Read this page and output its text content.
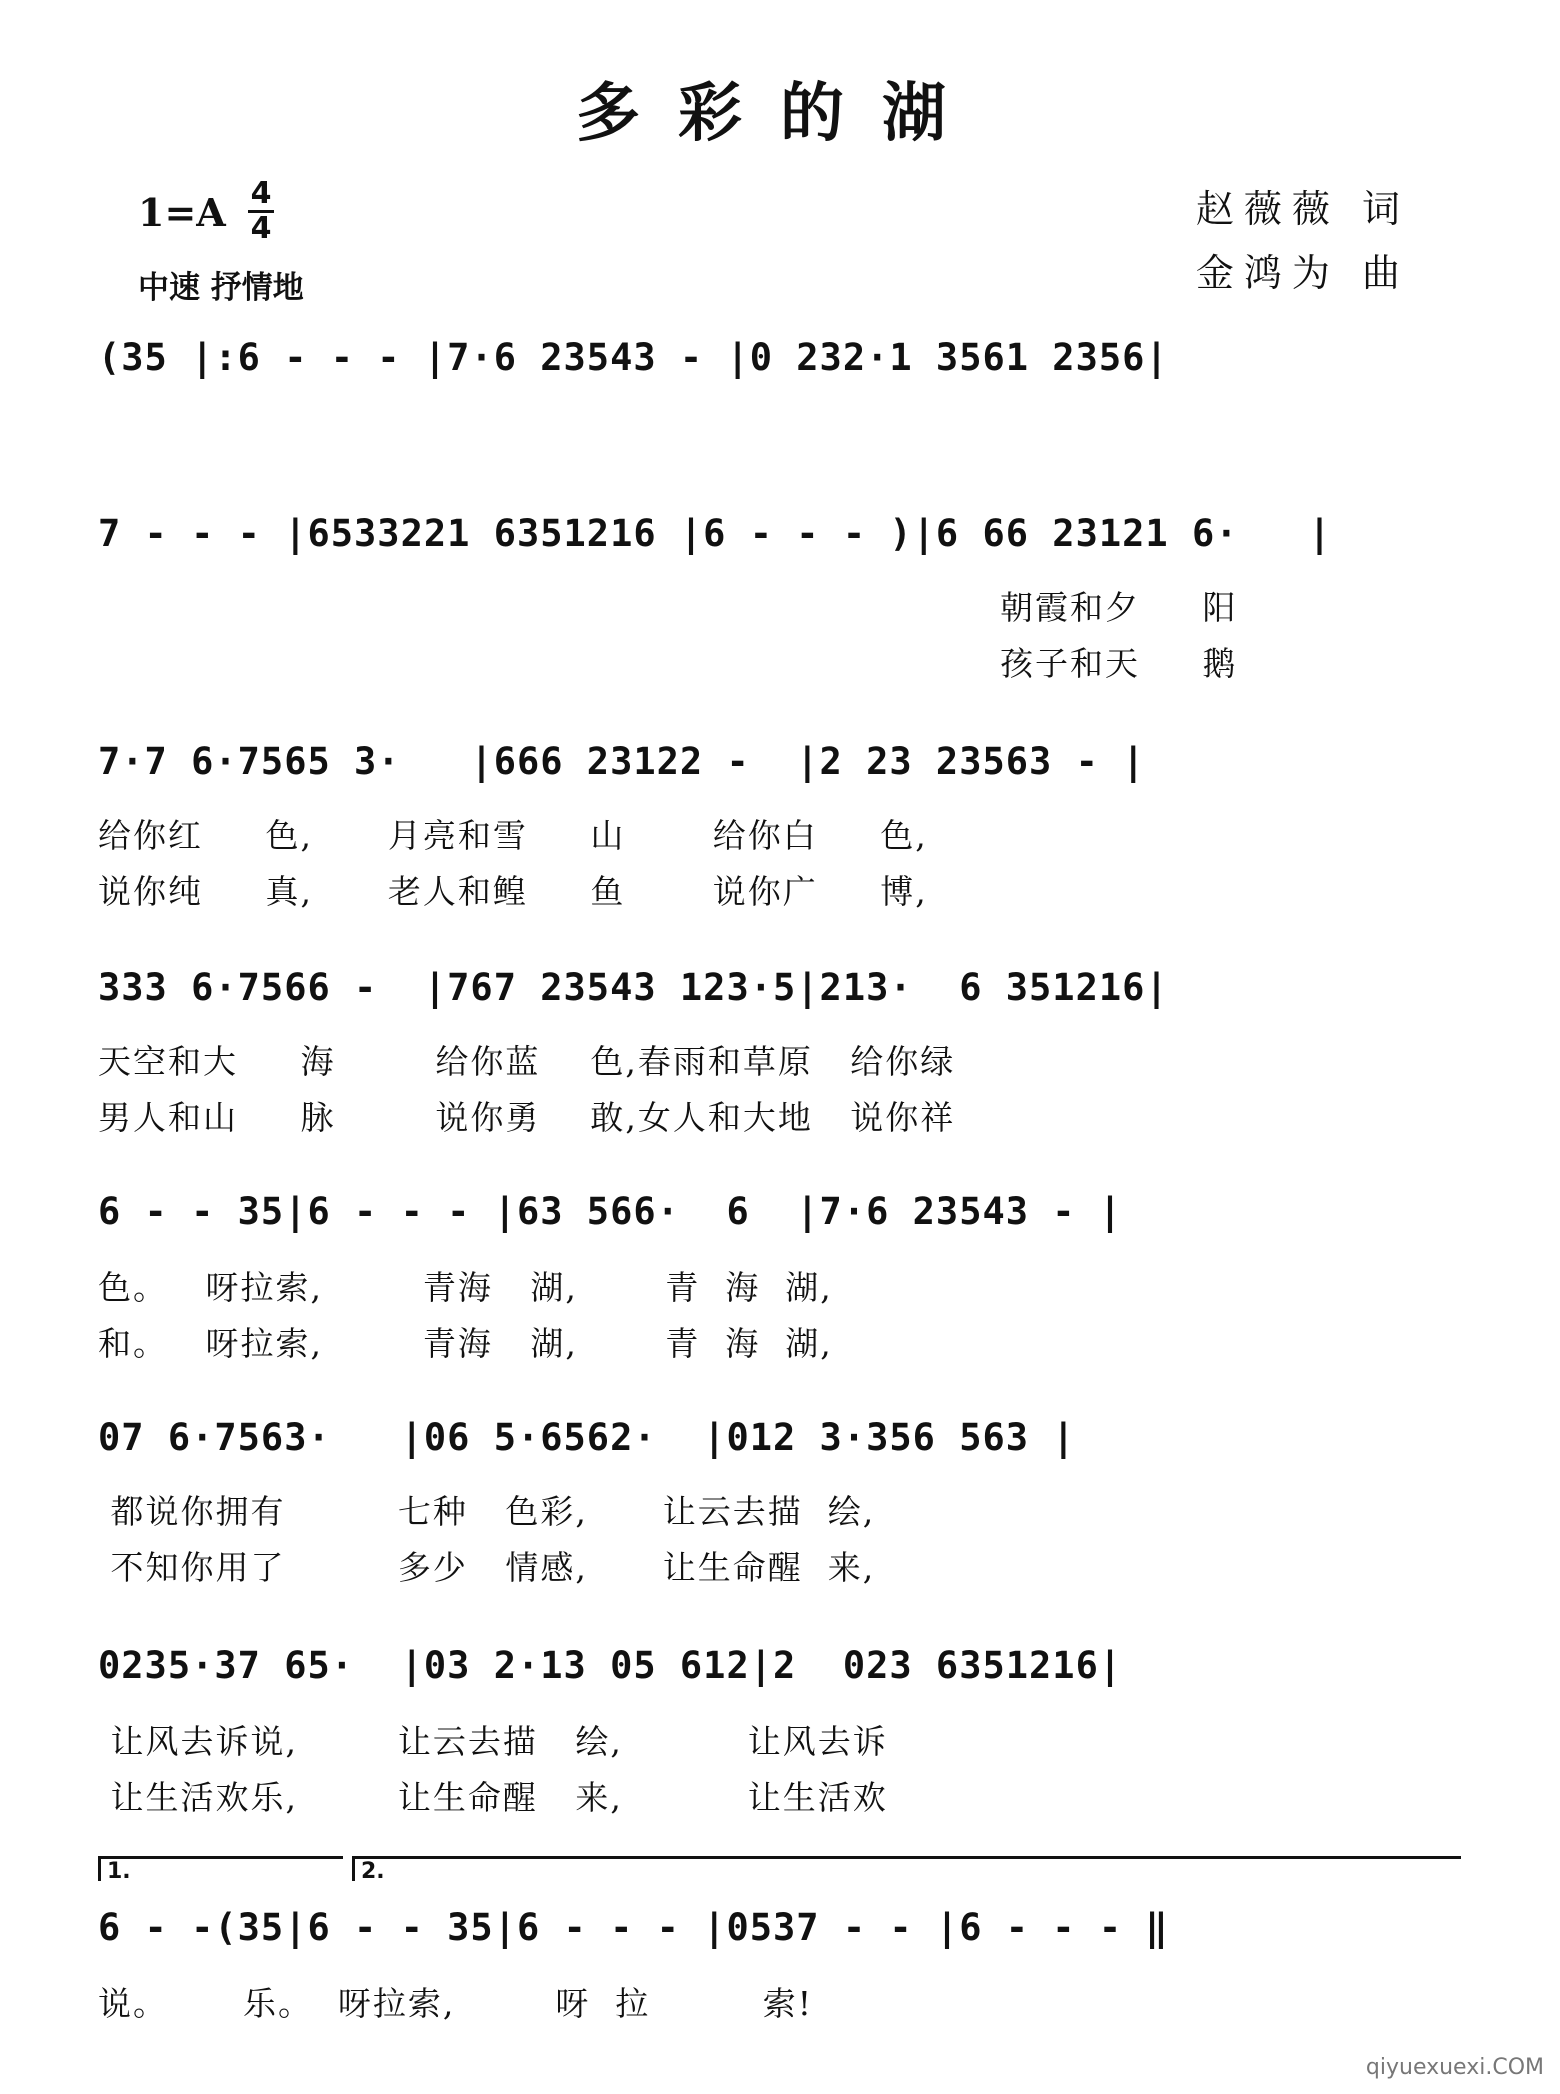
多彩的湖
1=A 4
4
中速 抒情地
赵薇薇 词
金鸿为 曲
(35 |:6 - - - |7·6 23543 - |0 232·1 3561 2356|
7 - - - |6533221 6351216 |6 - - - )|6 66 23121 6·   |
朝霞和夕     阳
孩子和天     鹅
7·7 6·7565 3·   |666 23122 -  |2 23 23563 - |
给你红     色,      月亮和雪     山       给你白     色,
说你纯     真,      老人和鳇     鱼       说你广     博,
333 6·7566 -  |767 23543 123·5|213·  6 351216|
天空和大     海        给你蓝    色,春雨和草原   给你绿
男人和山     脉        说你勇    敢,女人和大地   说你祥
6 - - 35|6 - - - |63 566·  6  |7·6 23543 - |
色。   呀拉索,        青海   湖,       青  海  湖,
和。   呀拉索,        青海   湖,       青  海  湖,
07 6·7563·   |06 5·6562·  |012 3·356 563 |
都说你拥有         七种   色彩,      让云去描  绘,
不知你用了         多少   情感,      让生命醒  来,
0235·37 65·  |03 2·13 05 612|2  023 6351216|
让风去诉说,        让云去描   绘,          让风去诉
让生活欢乐,        让生命醒   来,          让生活欢
1.	2.
6 - -(35|6 - - 35|6 - - - |0537 - - |6 - - - ‖
说。      乐。  呀拉索,        呀  拉         索!
qiyuexuexi.COM
